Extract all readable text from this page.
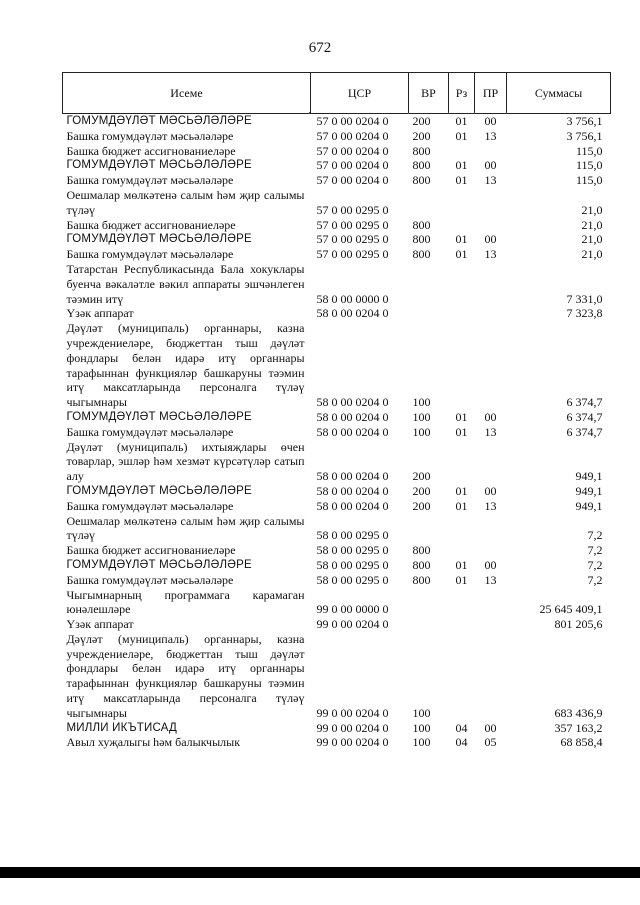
672
Исеме	ЦСР	ВР	Рз	ПР	Суммасы
ГОМУМДӘҮЛӘТ МӘСЬӘЛӘЛӘРЕ	57 0 00 0204 0	200	01	00	3 756,1
Башка гомумдәүләт мәсьәләләре	57 0 00 0204 0	200	01	13	3 756,1
Башка бюджет ассигнованиеләре	57 0 00 0204 0	800			115,0
ГОМУМДӘҮЛӘТ МӘСЬӘЛӘЛӘРЕ	57 0 00 0204 0	800	01	00	115,0
Башка гомумдәүләт мәсьәләләре	57 0 00 0204 0	800	01	13	115,0
Оешмалар мөлкәтенә салым һәм җир салымы түләү	57 0 00 0295 0				21,0
Башка бюджет ассигнованиеләре	57 0 00 0295 0	800			21,0
ГОМУМДӘҮЛӘТ МӘСЬӘЛӘЛӘРЕ	57 0 00 0295 0	800	01	00	21,0
Башка гомумдәүләт мәсьәләләре	57 0 00 0295 0	800	01	13	21,0
Татарстан Республикасында Бала хокуклары буенча вәкаләтле вәкил аппараты эшчәнлеген тәэмин итү	58 0 00 0000 0				7 331,0
Үзәк аппарат	58 0 00 0204 0				7 323,8
Дәүләт (муниципаль) органнары, казна учреждениеләре, бюджеттан тыш дәүләт фондлары белән идарә итү органнары тарафыннан функцияләр башкаруны тәэмин итү максатларында персоналга түләү чыгымнары	58 0 00 0204 0	100			6 374,7
ГОМУМДӘҮЛӘТ МӘСЬӘЛӘЛӘРЕ	58 0 00 0204 0	100	01	00	6 374,7
Башка гомумдәүләт мәсьәләләре	58 0 00 0204 0	100	01	13	6 374,7
Дәүләт (муниципаль) ихтыяҗлары өчен товарлар, эшләр һәм хезмәт күрсәтүләр сатып алу	58 0 00 0204 0	200			949,1
ГОМУМДӘҮЛӘТ МӘСЬӘЛӘЛӘРЕ	58 0 00 0204 0	200	01	00	949,1
Башка гомумдәүләт мәсьәләләре	58 0 00 0204 0	200	01	13	949,1
Оешмалар мөлкәтенә салым һәм җир салымы түләү	58 0 00 0295 0				7,2
Башка бюджет ассигнованиеләре	58 0 00 0295 0	800			7,2
ГОМУМДӘҮЛӘТ МӘСЬӘЛӘЛӘРЕ	58 0 00 0295 0	800	01	00	7,2
Башка гомумдәүләт мәсьәләләре	58 0 00 0295 0	800	01	13	7,2
Чыгымнарның программага карамаган юнәлешләре	99 0 00 0000 0				25 645 409,1
Үзәк аппарат	99 0 00 0204 0				801 205,6
Дәүләт (муниципаль) органнары, казна учреждениеләре, бюджеттан тыш дәүләт фондлары белән идарә итү органнары тарафыннан функцияләр башкаруны тәэмин итү максатларында персоналга түләү чыгымнары	99 0 00 0204 0	100			683 436,9
МИЛЛИ ИКЪТИСАД	99 0 00 0204 0	100	04	00	357 163,2
Авыл хуҗалыгы һәм балыкчылык	99 0 00 0204 0	100	04	05	68 858,4
